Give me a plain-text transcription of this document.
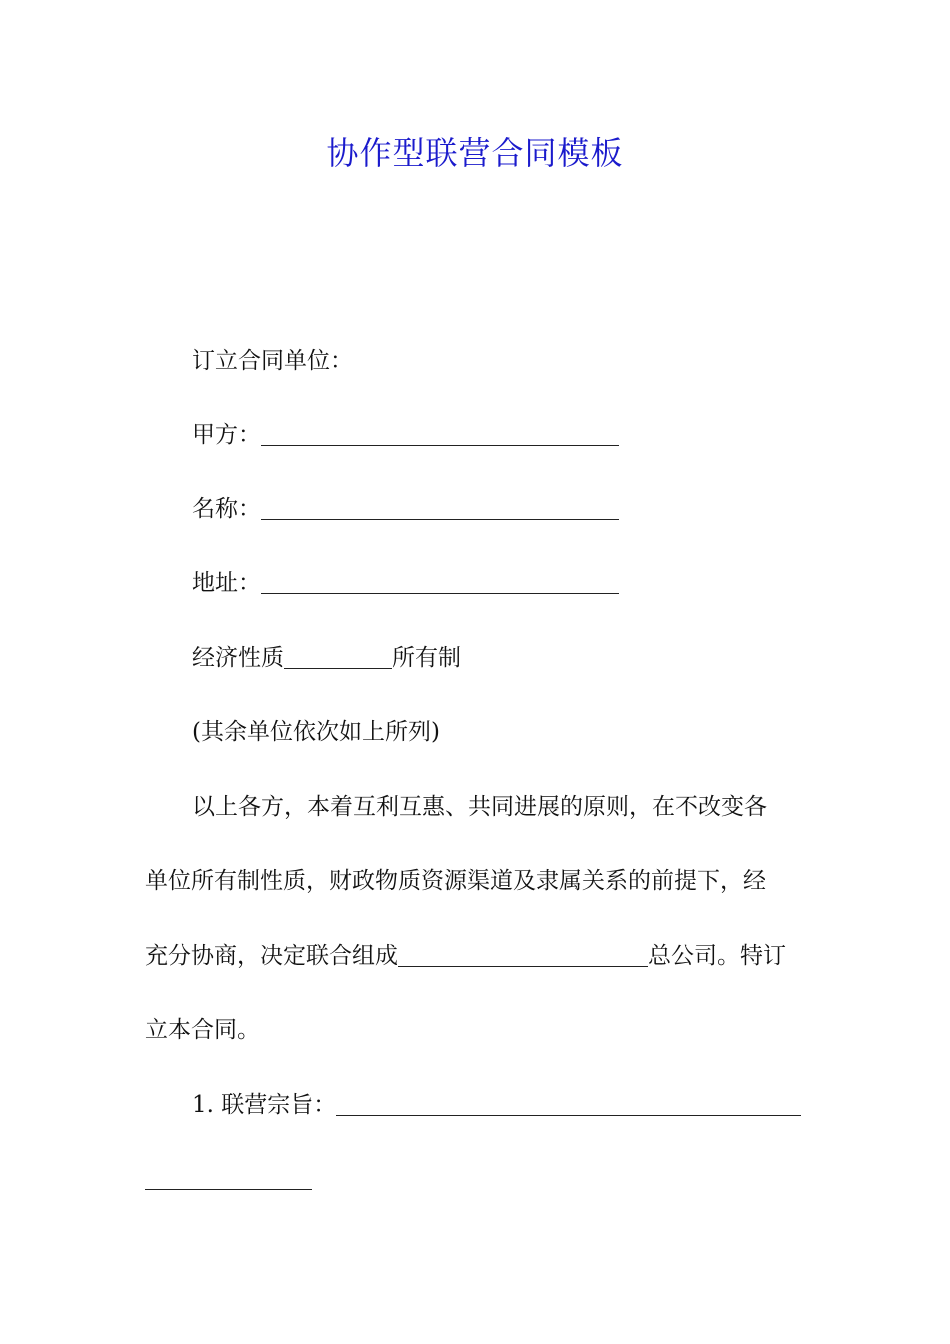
协作型联营合同模板
订立合同单位：
甲方：
名称：
地址：
经济性质	所有制
(其余单位依次如上所列)
以上各方，本着互利互惠、共同进展的原则，在不改变各
单位所有制性质，财政物质资源渠道及隶属关系的前提下，经
充分协商，决定联合组成	总公司。特订
立本合同。
1. 联营宗旨：
